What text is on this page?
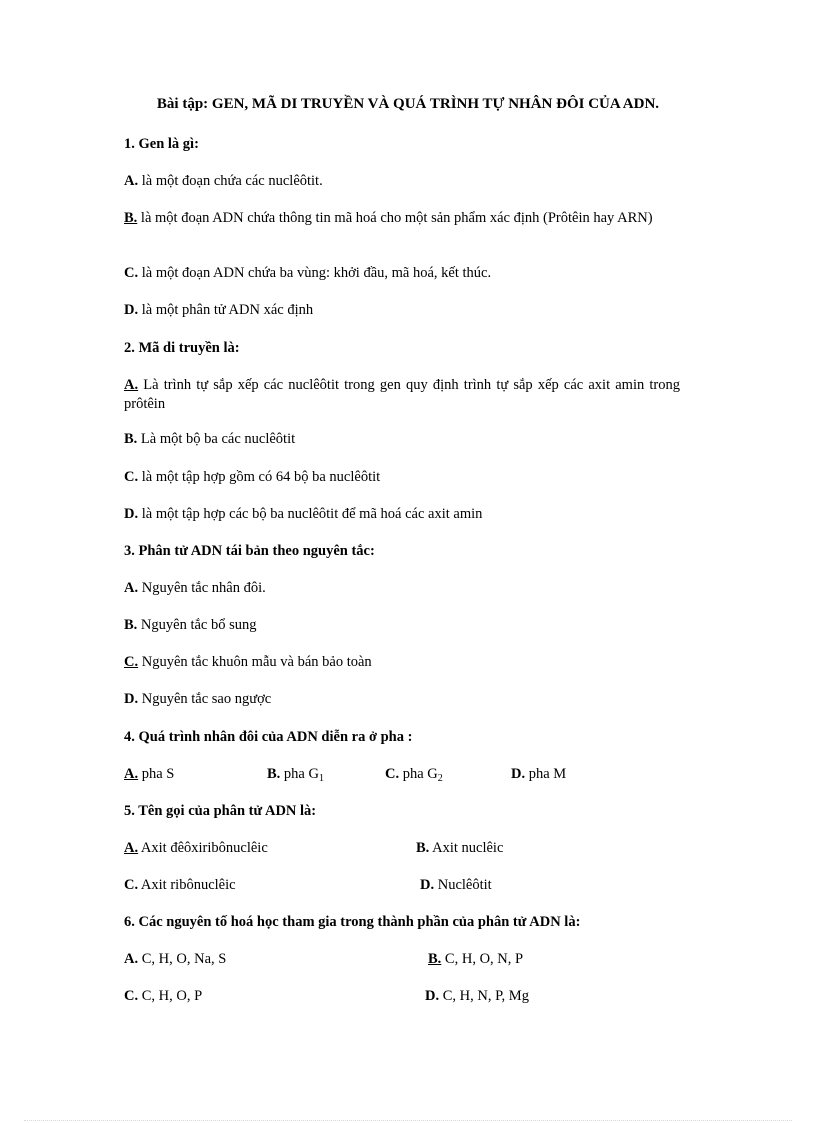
Bài tập: GEN, MÃ DI TRUYỀN VÀ QUÁ TRÌNH TỰ NHÂN ĐÔI CỦA ADN.
1. Gen là gì:
A. là một đoạn chứa các nuclêôtit.
B. là một đoạn ADN chứa thông tin mã hoá cho một sản phẩm xác định (Prôtêin hay ARN)
C. là một đoạn ADN chứa ba vùng: khởi đầu, mã hoá, kết thúc.
D. là một phân tử ADN xác định
2. Mã di truyền là:
A. Là trình tự sắp xếp các nuclêôtit trong gen quy định trình tự sắp xếp các axit amin trong prôtêin
B. Là một bộ ba các nuclêôtit
C. là một tập hợp gồm có 64 bộ ba nuclêôtit
D. là một tập hợp các bộ ba nuclêôtit để mã hoá các axit amin
3. Phân tử ADN tái bản theo nguyên tắc:
A. Nguyên tắc nhân đôi.
B. Nguyên tắc bổ sung
C. Nguyên tắc khuôn mẫu và bán bảo toàn
D. Nguyên tắc sao ngược
4. Quá trình nhân đôi của ADN diễn ra ở pha :
A. pha S	B. pha $G_1$	C. pha $G_2$	D. pha M
5. Tên gọi của phân tử ADN là:
A. Axit đêôxiribônuclêic	B. Axit nuclêic
C. Axit ribônuclêic	D. Nuclêôtit
6. Các nguyên tố hoá học tham gia trong thành phần của phân tử ADN là:
A. C, H, O, Na, S	B. C, H, O, N, P
C. C, H, O, P	D. C, H, N, P, Mg
